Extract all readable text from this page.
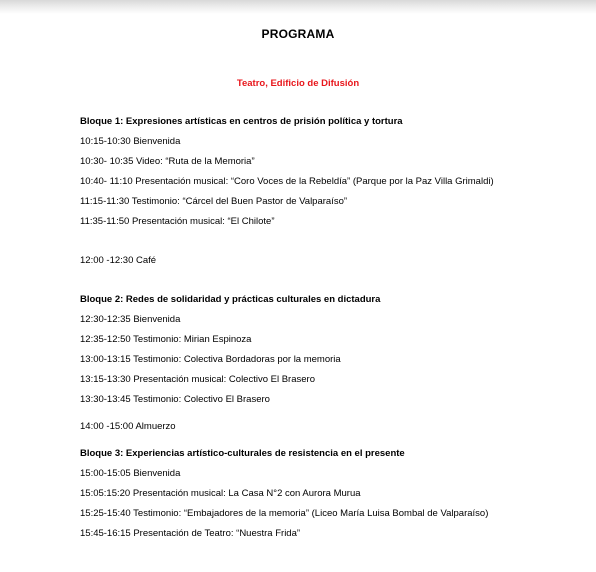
PROGRAMA
Teatro, Edificio de Difusión
Bloque 1: Expresiones artísticas en centros de prisión política y tortura
10:15-10:30 Bienvenida
10:30- 10:35 Video: “Ruta de la Memoria”
10:40- 11:10 Presentación musical: “Coro Voces de la Rebeldía” (Parque por la Paz Villa Grimaldi)
11:15-11:30 Testimonio: “Cárcel del Buen Pastor de Valparaíso”
11:35-11:50 Presentación musical: “El Chilote”
12:00 -12:30 Café
Bloque 2: Redes de solidaridad y prácticas culturales en dictadura
12:30-12:35 Bienvenida
12:35-12:50 Testimonio: Mirian Espinoza
13:00-13:15 Testimonio: Colectiva Bordadoras por la memoria
13:15-13:30 Presentación musical: Colectivo El Brasero
13:30-13:45 Testimonio: Colectivo El Brasero
14:00 -15:00 Almuerzo
Bloque 3: Experiencias artístico-culturales de resistencia en el presente
15:00-15:05 Bienvenida
15:05:15:20 Presentación musical: La Casa N°2 con Aurora Murua
15:25-15:40 Testimonio: “Embajadores de la memoria” (Liceo María Luisa Bombal de Valparaíso)
15:45-16:15 Presentación de Teatro: “Nuestra Frida”
